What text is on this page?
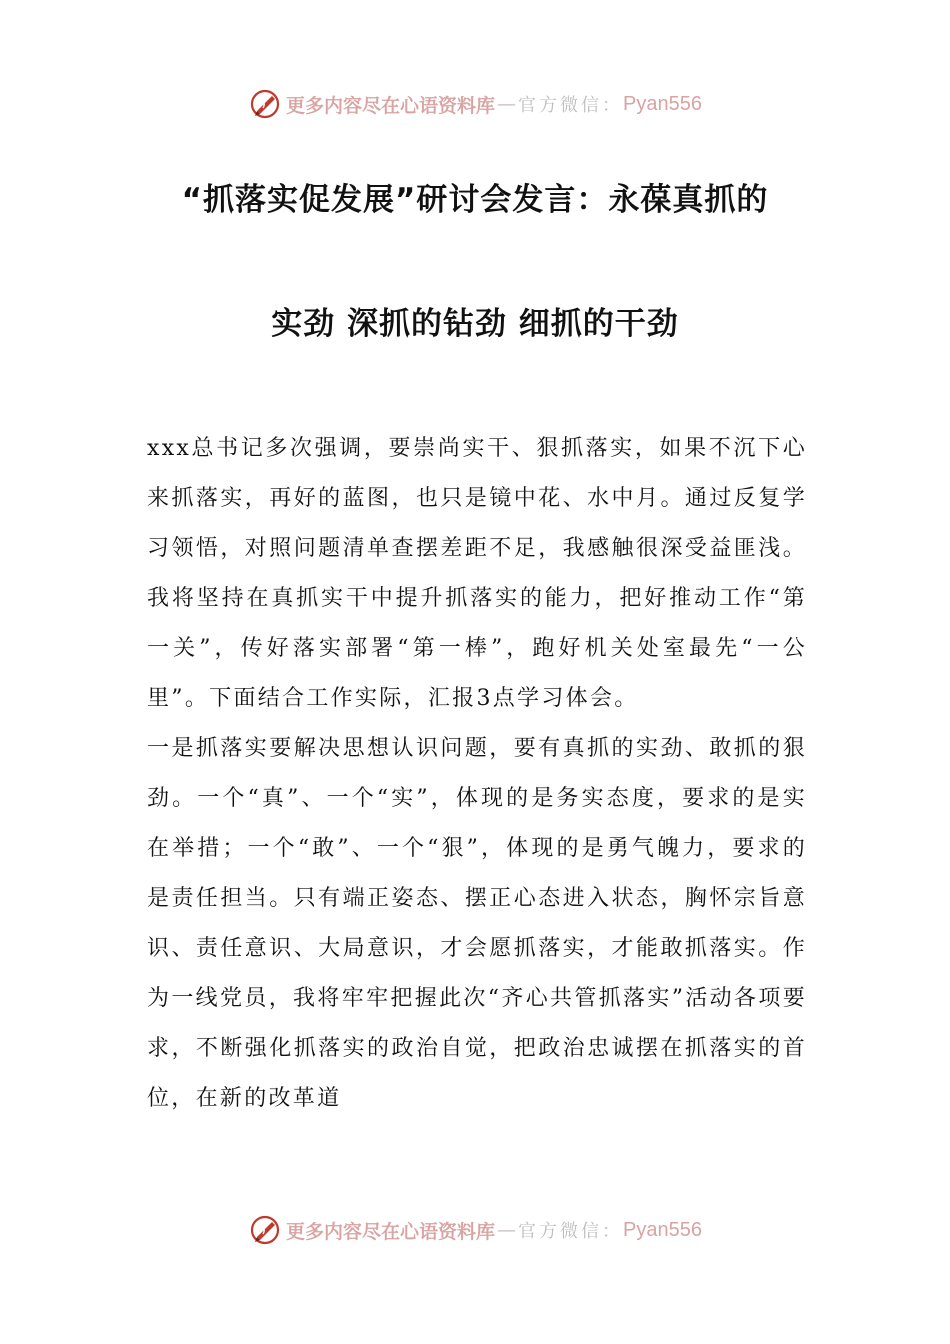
更多内容尽在心语资料库 — 官方微信： Pyan556
“抓落实促发展”研讨会发言：永葆真抓的
实劲 深抓的钻劲 细抓的干劲

xxx总书记多次强调，要崇尚实干、狠抓落实，如果不沉下心来抓落实，再好的蓝图，也只是镜中花、水中月。通过反复学习领悟，对照问题清单查摆差距不足，我感触很深受益匪浅。我将坚持在真抓实干中提升抓落实的能力，把好推动工作“第一关”，传好落实部署“第一棒”，跑好机关处室最先“一公里”。下面结合工作实际，汇报3点学习体会。

一是抓落实要解决思想认识问题，要有真抓的实劲、敢抓的狠劲。一个“真”、一个“实”，体现的是务实态度，要求的是实在举措；一个“敢”、一个“狠”，体现的是勇气魄力，要求的是责任担当。只有端正姿态、摆正心态进入状态，胸怀宗旨意识、责任意识、大局意识，才会愿抓落实，才能敢抓落实。作为一线党员，我将牢牢把握此次“齐心共管抓落实”活动各项要求，不断强化抓落实的政治自觉，把政治忠诚摆在抓落实的首位，在新的改革道

更多内容尽在心语资料库 — 官方微信： Pyan556
